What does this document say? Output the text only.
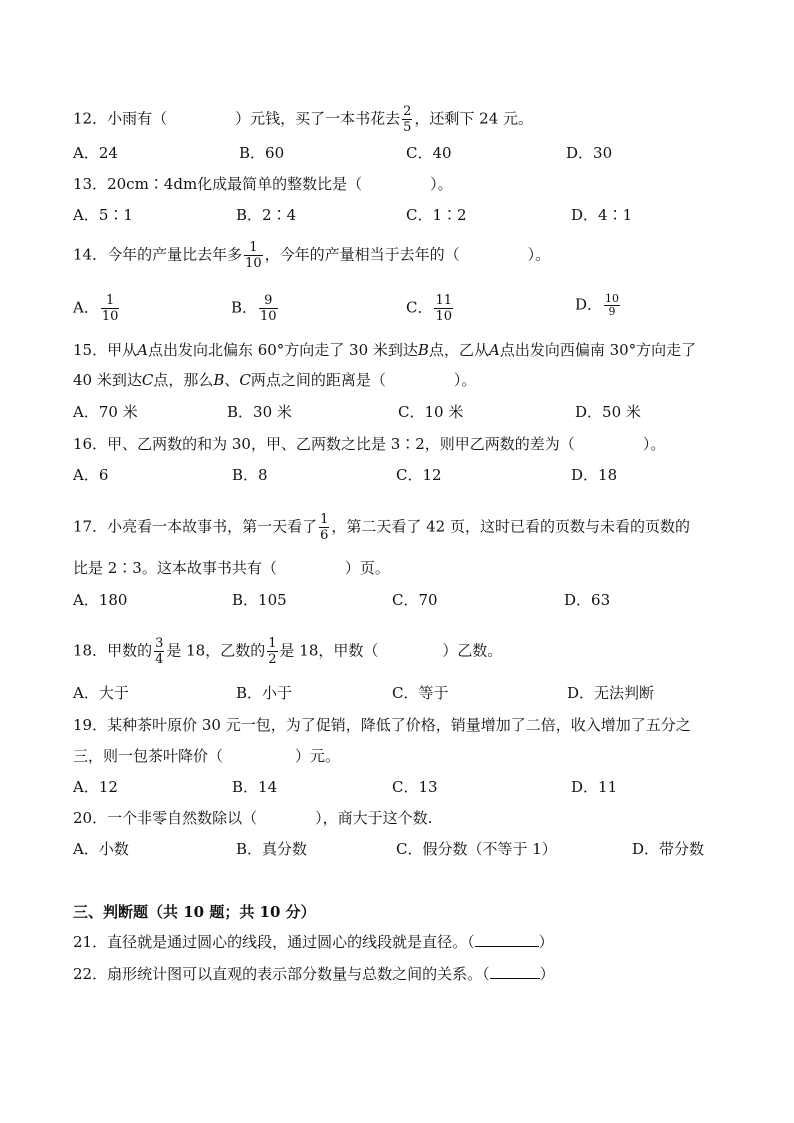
12．小雨有（	）元钱，买了一本书花去 $\frac{2}{5}$ ，还剩下 24 元。
A．24	B．60	C．40	D．30
13．20cm∶4dm化成最简单的整数比是（	）。
A．5∶1	B．2∶4	C．1∶2	D．4∶1
14．今年的产量比去年多 $\frac{1}{10}$ ，今年的产量相当于去年的（	）。
A． $\frac{1}{10}$	B． $\frac{9}{10}$	C． $\frac{11}{10}$	D． $\frac{10}{9}$
15．甲从A点出发向北偏东 60°方向走了 30 米到达B点，乙从A点出发向西偏南 30°方向走了
40 米到达C点，那么B、C两点之间的距离是（	）。
A．70 米	B．30 米	C．10 米	D．50 米
16．甲、乙两数的和为 30，甲、乙两数之比是 3∶2，则甲乙两数的差为（	）。
A．6	B．8	C．12	D．18
17．小亮看一本故事书，第一天看了 $\frac{1}{6}$ ，第二天看了 42 页，这时已看的页数与未看的页数的
比是 2∶3。这本故事书共有（	）页。
A．180	B．105	C．70	D．63
18．甲数的 $\frac{3}{4}$ 是 18，乙数的 $\frac{1}{2}$ 是 18，甲数（	）乙数。
A．大于	B．小于	C．等于	D．无法判断
19．某种茶叶原价 30 元一包，为了促销，降低了价格，销量增加了二倍，收入增加了五分之
三，则一包茶叶降价（	）元。
A．12	B．14	C．13	D．11
20．一个非零自然数除以（	），商大于这个数.
A．小数	B．真分数	C．假分数（不等于 1）	D．带分数
三、判断题（共 10 题；共 10 分）
21．直径就是通过圆心的线段，通过圆心的线段就是直径。（	）
22．扇形统计图可以直观的表示部分数量与总数之间的关系。（	）
